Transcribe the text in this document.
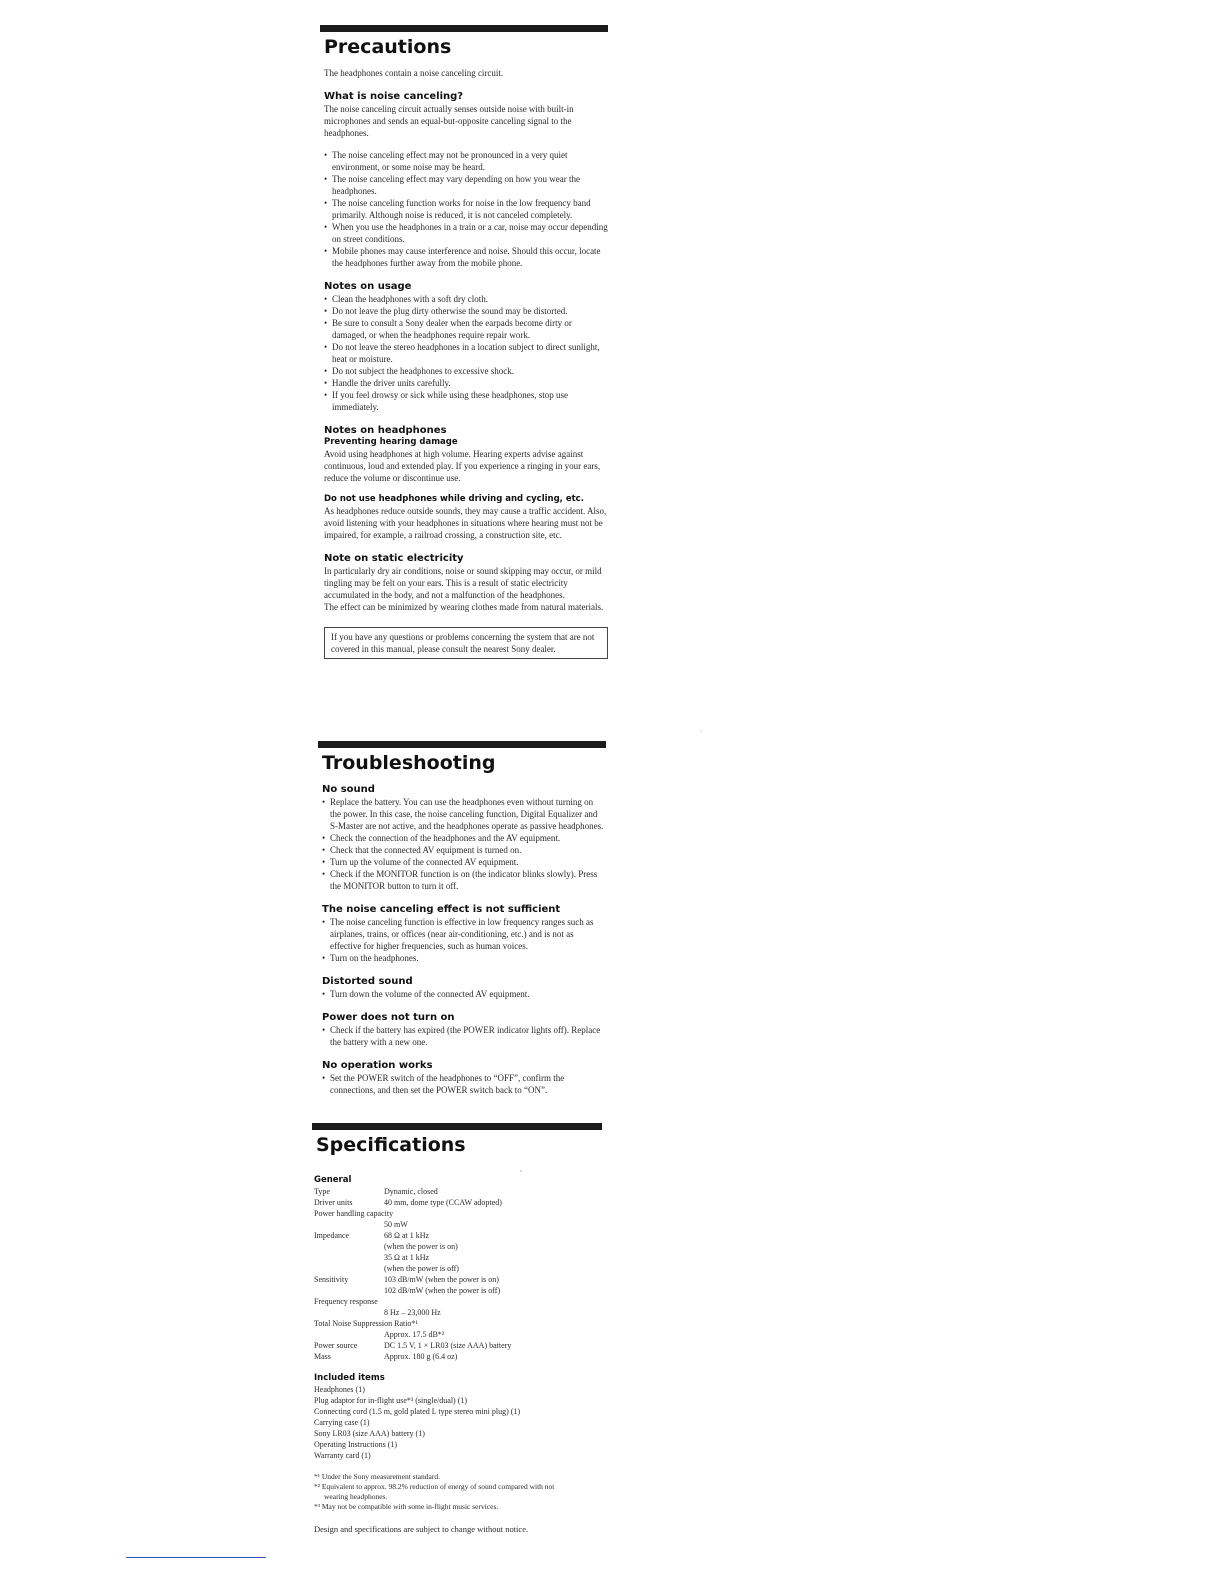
Precautions

The headphones contain a noise canceling circuit.

What is noise canceling?

The noise canceling circuit actually senses outside noise with built-in microphones and sends an equal-but-opposite canceling signal to the headphones.

• The noise canceling effect may not be pronounced in a very quiet environment, or some noise may be heard.
• The noise canceling effect may vary depending on how you wear the headphones.
• The noise canceling function works for noise in the low frequency band primarily. Although noise is reduced, it is not canceled completely.
• When you use the headphones in a train or a car, noise may occur depending on street conditions.
• Mobile phones may cause interference and noise. Should this occur, locate the headphones further away from the mobile phone.
Notes on usage
• Clean the headphones with a soft dry cloth.
• Do not leave the plug dirty otherwise the sound may be distorted.
• Be sure to consult a Sony dealer when the earpads become dirty or damaged, or when the headphones require repair work.
• Do not leave the stereo headphones in a location subject to direct sunlight, heat or moisture.
• Do not subject the headphones to excessive shock.
• Handle the driver units carefully.
• If you feel drowsy or sick while using these headphones, stop use immediately.
Notes on headphones
Preventing hearing damage

Avoid using headphones at high volume. Hearing experts advise against continuous, loud and extended play. If you experience a ringing in your ears, reduce the volume or discontinue use.

Do not use headphones while driving and cycling, etc.

As headphones reduce outside sounds, they may cause a traffic accident. Also, avoid listening with your headphones in situations where hearing must not be impaired, for example, a railroad crossing, a construction site, etc.

Note on static electricity

In particularly dry air conditions, noise or sound skipping may occur, or mild tingling may be felt on your ears. This is a result of static electricity accumulated in the body, and not a malfunction of the headphones.

The effect can be minimized by wearing clothes made from natural materials.

If you have any questions or problems concerning the system that are not covered in this manual, please consult the nearest Sony dealer.
Troubleshooting
No sound
• Replace the battery. You can use the headphones even without turning on the power. In this case, the noise canceling function, Digital Equalizer and S-Master are not active, and the headphones operate as passive headphones.
• Check the connection of the headphones and the AV equipment.
• Check that the connected AV equipment is turned on.
• Turn up the volume of the connected AV equipment.
• Check if the MONITOR function is on (the indicator blinks slowly). Press the MONITOR button to turn it off.
The noise canceling effect is not sufficient
• The noise canceling function is effective in low frequency ranges such as airplanes, trains, or offices (near air-conditioning, etc.) and is not as effective for higher frequencies, such as human voices.
• Turn on the headphones.
Distorted sound
• Turn down the volume of the connected AV equipment.
Power does not turn on
• Check if the battery has expired (the POWER indicator lights off). Replace the battery with a new one.
No operation works
• Set the POWER switch of the headphones to “OFF”, confirm the connections, and then set the POWER switch back to “ON”.
Specifications
General
Type	Dynamic, closed
Driver units	40 mm, dome type (CCAW adopted)
Power handling capacity
50 mW
Impedance	68 Ω at 1 kHz
(when the power is on)
35 Ω at 1 kHz
(when the power is off)
Sensitivity	103 dB/mW (when the power is on)
102 dB/mW (when the power is off)
Frequency response
8 Hz – 23,000 Hz
Total Noise Suppression Ratio*¹
Approx. 17.5 dB*²
Power source	DC 1.5 V, 1 × LR03 (size AAA) battery
Mass	Approx. 180 g (6.4 oz)
Included items
Headphones (1)
Plug adaptor for in-flight use*³ (single/dual) (1)
Connecting cord (1.5 m, gold plated L type stereo mini plug) (1)
Carrying case (1)
Sony LR03 (size AAA) battery (1)
Operating Instructions (1)
Warranty card (1)
*¹ Under the Sony measurement standard.
*² Equivalent to approx. 98.2% reduction of energy of sound compared with not
wearing headphones.
*³ May not be compatible with some in-flight music services.
Design and specifications are subject to change without notice.
